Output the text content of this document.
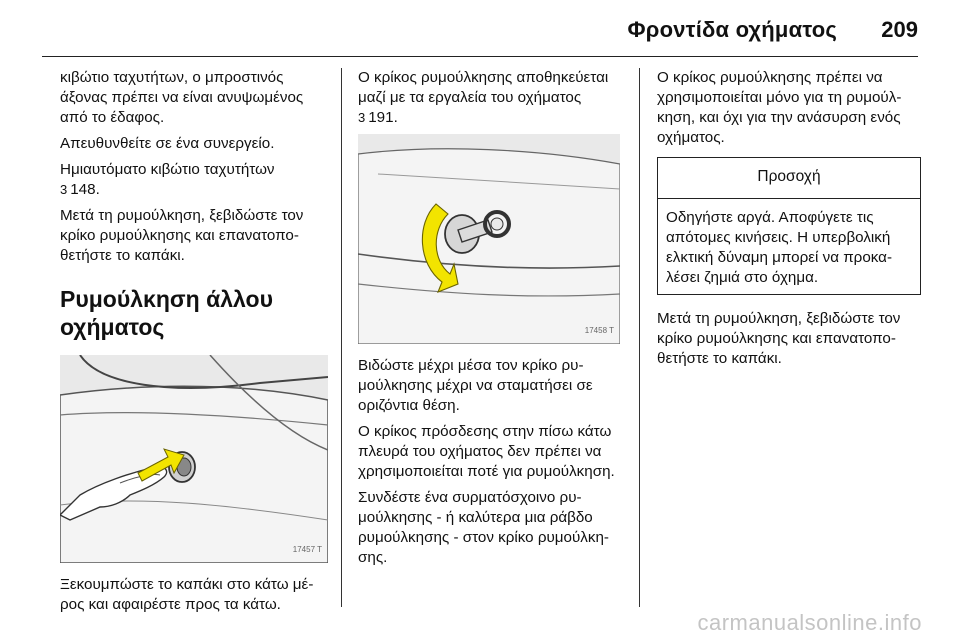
Φροντίδα οχήματος 209

κιβώτιο ταχυτήτων, ο μπροστινός άξονας πρέπει να είναι ανυψωμένος από το έδαφος.

Απευθυνθείτε σε ένα συνεργείο.

Ημιαυτόματο κιβώτιο ταχυτήτων
3 148.

Μετά τη ρυμούλκηση, ξεβιδώστε τον κρίκο ρυμούλκησης και επανατοποθετήστε το καπάκι.

Ρυμούλκηση άλλου οχήματος
17457 T

Ξεκουμπώστε το καπάκι στο κάτω μέρος και αφαιρέστε προς τα κάτω.

Ο κρίκος ρυμούλκησης αποθηκεύεται μαζί με τα εργαλεία του οχήματος
3 191.

17458 T

Βιδώστε μέχρι μέσα τον κρίκο ρυμούλκησης μέχρι να σταματήσει σε οριζόντια θέση.

Ο κρίκος πρόσδεσης στην πίσω κάτω πλευρά του οχήματος δεν πρέπει να χρησιμοποιείται ποτέ για ρυμούλκηση.

Συνδέστε ένα συρματόσχοινο ρυμούλκησης - ή καλύτερα μια ράβδο ρυμούλκησης - στον κρίκο ρυμούλκησης.

Ο κρίκος ρυμούλκησης πρέπει να χρησιμοποιείται μόνο για τη ρυμούλκηση, και όχι για την ανάσυρση ενός οχήματος.

Προσοχή
Οδηγήστε αργά. Αποφύγετε τις απότομες κινήσεις. Η υπερβολική ελκτική δύναμη μπορεί να προκαλέσει ζημιά στο όχημα.

Μετά τη ρυμούλκηση, ξεβιδώστε τον κρίκο ρυμούλκησης και επανατοποθετήστε το καπάκι.

carmanualsonline.info
